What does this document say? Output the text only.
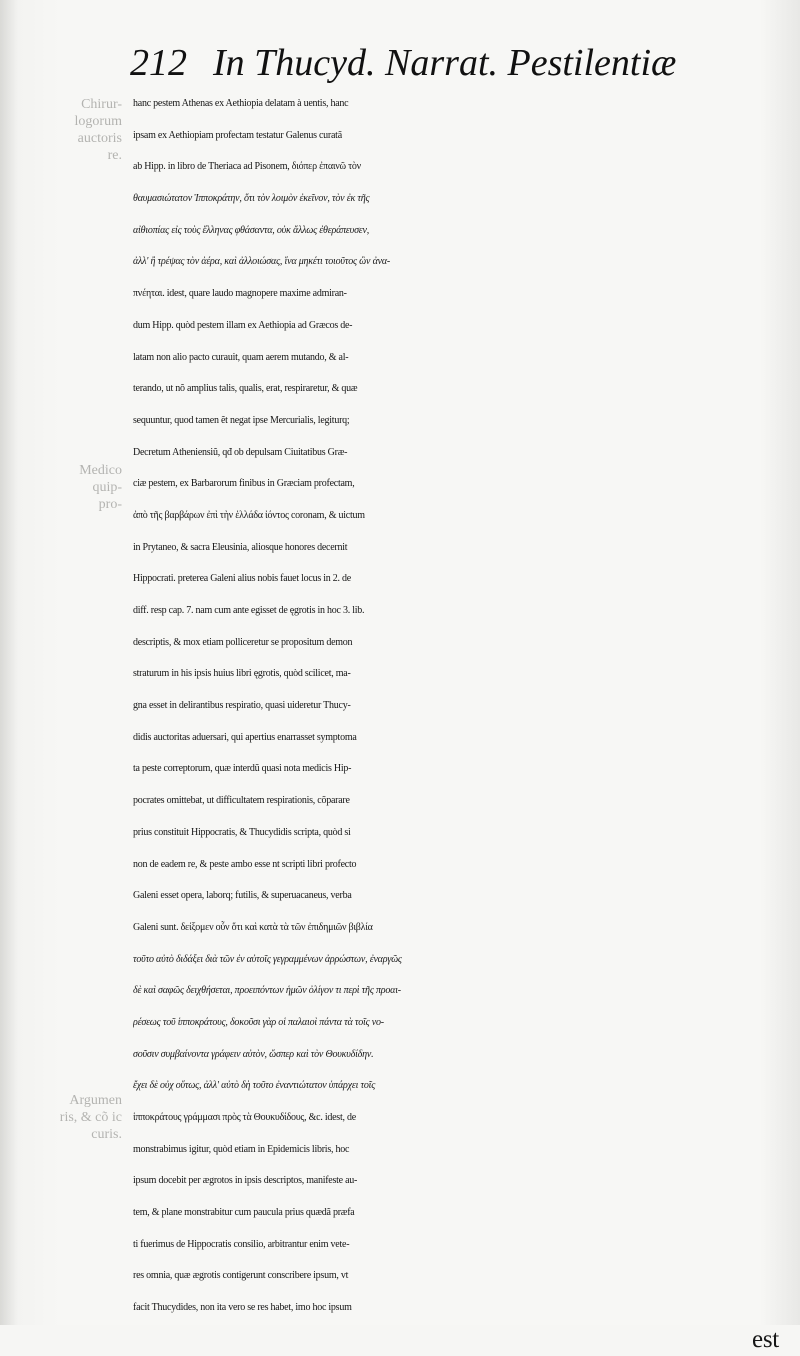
212 In Thucyd. Narrat. Pestilentiæ
Chirur-
logorum
auctoris
re.
Medico
quip-
pro-
Argumen
ris, & cõ ic
curis.
hanc pestem Athenas ex Aethiopia delatam à uentis, hanc
ipsam ex Aethiopiam profectam testatur Galenus curatã
ab Hipp. in libro de Theriaca ad Pisonem, διόπερ ἐπαινῶ τὸν
θαυμασιώτατον Ἱπποκράτην, ὅτι τὸν λοιμὸν ἐκεῖνον, τὸν ἐκ τῆς
αἰθιοπίας εἰς τοὺς ἕλληνας φθάσαντα, οὐκ ἄλλως ἐθεράπευσεν,
ἀλλ' ἢ τρέψας τὸν ἀέρα, καὶ ἀλλοιώσας, ἵνα μηκέτι τοιοῦτος ὢν ἀνα-
πνέηται. idest, quare laudo magnopere maxime admiran-
dum Hipp. quòd pestem illam ex Aethiopia ad Græcos de-
latam non alio pacto curauit, quam aerem mutando, & al-
terando, ut nõ amplius talis, qualis, erat, respiraretur, & quæ
sequuntur, quod tamen ẽt negat ipse Mercurialis, legiturq;
Decretum Atheniensiũ, qđ ob depulsam Ciuitatibus Græ-
ciæ pestem, ex Barbarorum finibus in Græciam profectam,
ἀπὸ τῆς βαρβάρων ἐπὶ τὴν ἑλλάδα ἰόντος coronam, & uictum
in Prytaneo, & sacra Eleusinia, aliosque honores decernit
Hippocrati. preterea Galeni alius nobis fauet locus in 2. de
diff. resp cap. 7. nam cum ante egisset de ęgrotis in hoc 3. lib.
descriptis, & mox etiam polliceretur se propositum demon
straturum in his ipsis huius libri ęgrotis, quòd scilicet, ma-
gna esset in delirantibus respiratio, quasi uideretur Thucy-
didis auctoritas aduersari, qui apertius enarrasset symptoma
ta peste correptorum, quæ interdũ quasi nota medicis Hip-
pocrates omittebat, ut difficultatem respirationis, cõparare
prius constituit Hippocratis, & Thucydidis scripta, quòd si
non de eadem re, & peste ambo esse nt scripti libri profecto
Galeni esset opera, laborq; futilis, & superuacaneus, verba
Galeni sunt. δείξομεν οὖν ὅτι καὶ κατὰ τὰ τῶν ἐπιδημιῶν βιβλία
τοῦτο αὐτὸ διδάξει διὰ τῶν ἐν αὐτοῖς γεγραμμένων ἀρρώστων, ἐναργῶς
δὲ καὶ σαφῶς δειχθήσεται, προειπόντων ἡμῶν ὀλίγον τι περὶ τῆς προαι-
ρέσεως τοῦ ἱπποκράτους, δοκοῦσι γὰρ οἱ παλαιοὶ πάντα τὰ τοῖς νο-
σοῦσιν συμβαίνοντα γράφειν αὐτὸν, ὥσπερ καὶ τὸν Θουκυδίδην.
ἔχει δὲ οὐχ οὕτως, ἀλλ' αὐτὸ δὴ τοῦτο ἐναντιώτατον ὑπάρχει τοῖς
ἱπποκράτους γράμμασι πρὸς τὰ Θουκυδίδους, &c. idest, de
monstrabimus igitur, quòd etiam in Epidemicis libris, hoc
ipsum docebit per ægrotos in ipsis descriptos, manifeste au-
tem, & plane monstrabitur cum paucula prius quædã præfa
ti fuerimus de Hippocratis consilio, arbitrantur enim vete-
res omnia, quæ ægrotis contigerunt conscribere ipsum, vt
facit Thucydides, non ita vero se res habet, imo hoc ipsum
est
